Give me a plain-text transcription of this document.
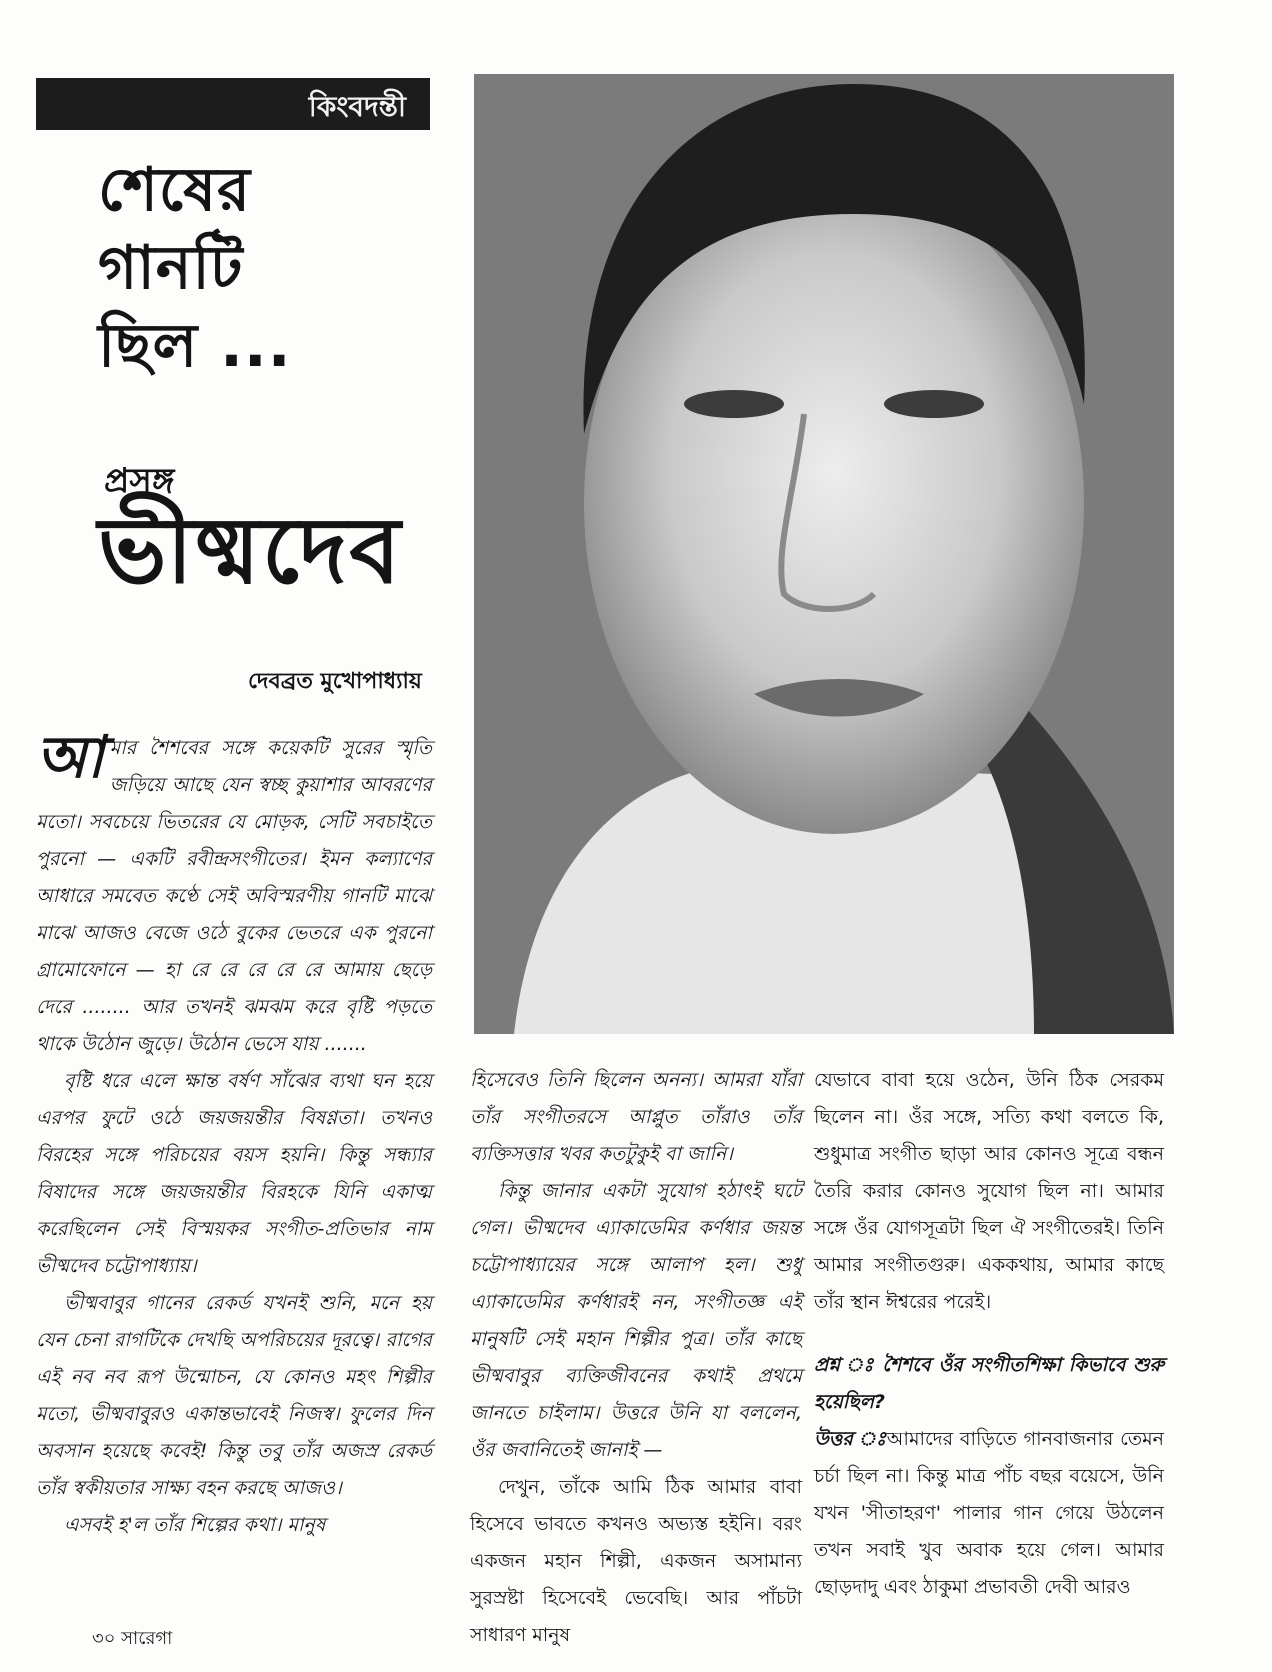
কিংবদন্তী
শেষের
গানটি
ছিল ...
প্রসঙ্গ
ভীষ্মদেব
দেবব্রত মুখোপাধ্যায়

আমার শৈশবের সঙ্গে কয়েকটি সুরের স্মৃতি জড়িয়ে আছে যেন স্বচ্ছ কুয়াশার আবরণের মতো। সবচেয়ে ভিতরের যে মোড়ক, সেটি সবচাইতে পুরনো — একটি রবীন্দ্রসংগীতের। ইমন কল্যাণের আধারে সমবেত কণ্ঠে সেই অবিস্মরণীয় গানটি মাঝে মাঝে আজও বেজে ওঠে বুকের ভেতরে এক পুরনো গ্রামোফোনে — হা রে রে রে রে রে আমায় ছেড়ে দেরে ........ আর তখনই ঝমঝম করে বৃষ্টি পড়তে থাকে উঠোন জুড়ে। উঠোন ভেসে যায় .......

বৃষ্টি ধরে এলে ক্ষান্ত বর্ষণ সাঁঝের ব্যথা ঘন হয়ে এরপর ফুটে ওঠে জয়জয়ন্তীর বিষণ্ণতা। তখনও বিরহের সঙ্গে পরিচয়ের বয়স হয়নি। কিন্তু সন্ধ্যার বিষাদের সঙ্গে জয়জয়ন্তীর বিরহকে যিনি একাত্ম করেছিলেন সেই বিস্ময়কর সংগীত-প্রতিভার নাম ভীষ্মদেব চট্টোপাধ্যায়।

ভীষ্মবাবুর গানের রেকর্ড যখনই শুনি, মনে হয় যেন চেনা রাগটিকে দেখছি অপরিচয়ের দূরত্বে। রাগের এই নব নব রূপ উন্মোচন, যে কোনও মহৎ শিল্পীর মতো, ভীষ্মবাবুরও একান্তভাবেই নিজস্ব। ফুলের দিন অবসান হয়েছে কবেই! কিন্তু তবু তাঁর অজস্র রেকর্ড তাঁর স্বকীয়তার সাক্ষ্য বহন করছে আজও।

এসবই হ'ল তাঁর শিল্পের কথা। মানুষ

হিসেবেও তিনি ছিলেন অনন্য। আমরা যাঁরা তাঁর সংগীতরসে আপ্লুত তাঁরাও তাঁর ব্যক্তিসত্তার খবর কতটুকুই বা জানি।

কিন্তু জানার একটা সুযোগ হঠাৎই ঘটে গেল। ভীষ্মদেব এ্যাকাডেমির কর্ণধার জয়ন্ত চট্টোপাধ্যায়ের সঙ্গে আলাপ হল। শুধু এ্যাকাডেমির কর্ণধারই নন, সংগীতজ্ঞ এই মানুষটি সেই মহান শিল্পীর পুত্র। তাঁর কাছে ভীষ্মবাবুর ব্যক্তিজীবনের কথাই প্রথমে জানতে চাইলাম। উত্তরে উনি যা বললেন, ওঁর জবানিতেই জানাই —

দেখুন, তাঁকে আমি ঠিক আমার বাবা হিসেবে ভাবতে কখনও অভ্যস্ত হইনি। বরং একজন মহান শিল্পী, একজন অসামান্য সুরস্রষ্টা হিসেবেই ভেবেছি। আর পাঁচটা সাধারণ মানুষ

যেভাবে বাবা হয়ে ওঠেন, উনি ঠিক সেরকম ছিলেন না। ওঁর সঙ্গে, সত্যি কথা বলতে কি, শুধুমাত্র সংগীত ছাড়া আর কোনও সূত্রে বন্ধন তৈরি করার কোনও সুযোগ ছিল না। আমার সঙ্গে ওঁর যোগসূত্রটা ছিল ঐ সংগীতেরই। তিনি আমার সংগীতগুরু। এককথায়, আমার কাছে তাঁর স্থান ঈশ্বরের পরেই।

প্রশ্ন ঃ শৈশবে ওঁর সংগীতশিক্ষা কিভাবে শুরু হয়েছিল?

উত্তর ঃআমাদের বাড়িতে গানবাজনার তেমন চর্চা ছিল না। কিন্তু মাত্র পাঁচ বছর বয়েসে, উনি যখন 'সীতাহরণ' পালার গান গেয়ে উঠলেন তখন সবাই খুব অবাক হয়ে গেল। আমার ছোড়দাদু এবং ঠাকুমা প্রভাবতী দেবী আরও

৩০ সারেগা
